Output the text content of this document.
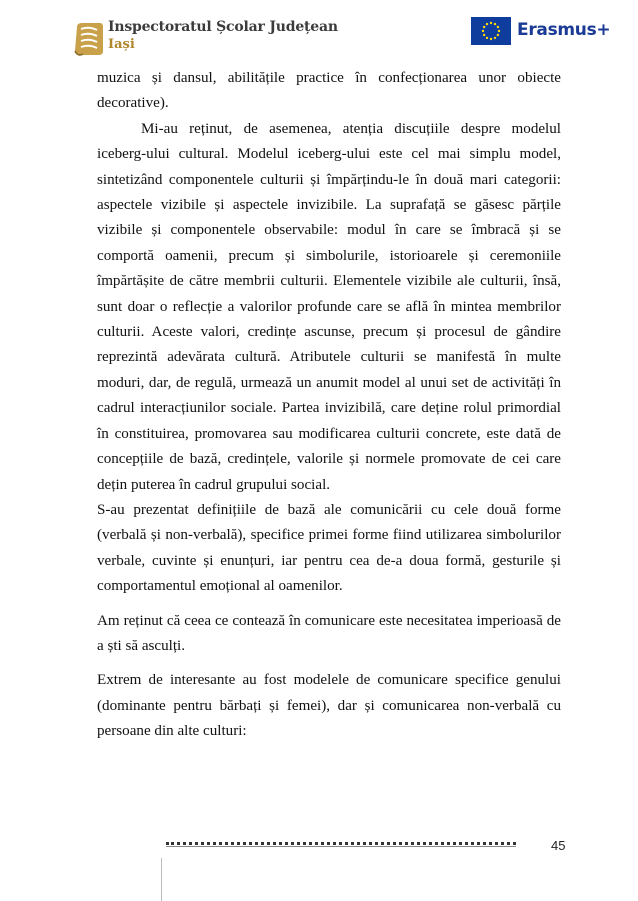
Inspectoratul Școlar Județean
Iași
Erasmus+

muzica și dansul, abilitățile practice în confecționarea unor obiecte decorative).

Mi-au reținut, de asemenea, atenția discuțiile despre modelul iceberg-ului cultural. Modelul iceberg-ului este cel mai simplu model, sintetizând componentele culturii și împărțindu-le în două mari categorii: aspectele vizibile și aspectele invizibile. La suprafață se găsesc părțile vizibile și componentele observabile: modul în care se îmbracă și se comportă oamenii, precum și simbolurile, istorioarele și ceremoniile împărtășite de către membrii culturii. Elementele vizibile ale culturii, însă, sunt doar o reflecție a valorilor profunde care se află în mintea membrilor culturii. Aceste valori, credințe ascunse, precum și procesul de gândire reprezintă adevărata cultură. Atributele culturii se manifestă în multe moduri, dar, de regulă, urmează un anumit model al unui set de activități în cadrul interacțiunilor sociale. Partea invizibilă, care deține rolul primordial în constituirea, promovarea sau modificarea culturii concrete, este dată de concepțiile de bază, credințele, valorile și normele promovate de cei care dețin puterea în cadrul grupului social.

S-au prezentat definițiile de bază ale comunicării cu cele două forme (verbală și non-verbală), specifice primei forme fiind utilizarea simbolurilor verbale, cuvinte și enunțuri, iar pentru cea de-a doua formă, gesturile și comportamentul emoțional al oamenilor.

Am reținut că ceea ce contează în comunicare este necesitatea imperioasă de a ști să asculți.

Extrem de interesante au fost modelele de comunicare specifice genului (dominante pentru bărbați și femei), dar și comunicarea non-verbală cu persoane din alte culturi:

45
